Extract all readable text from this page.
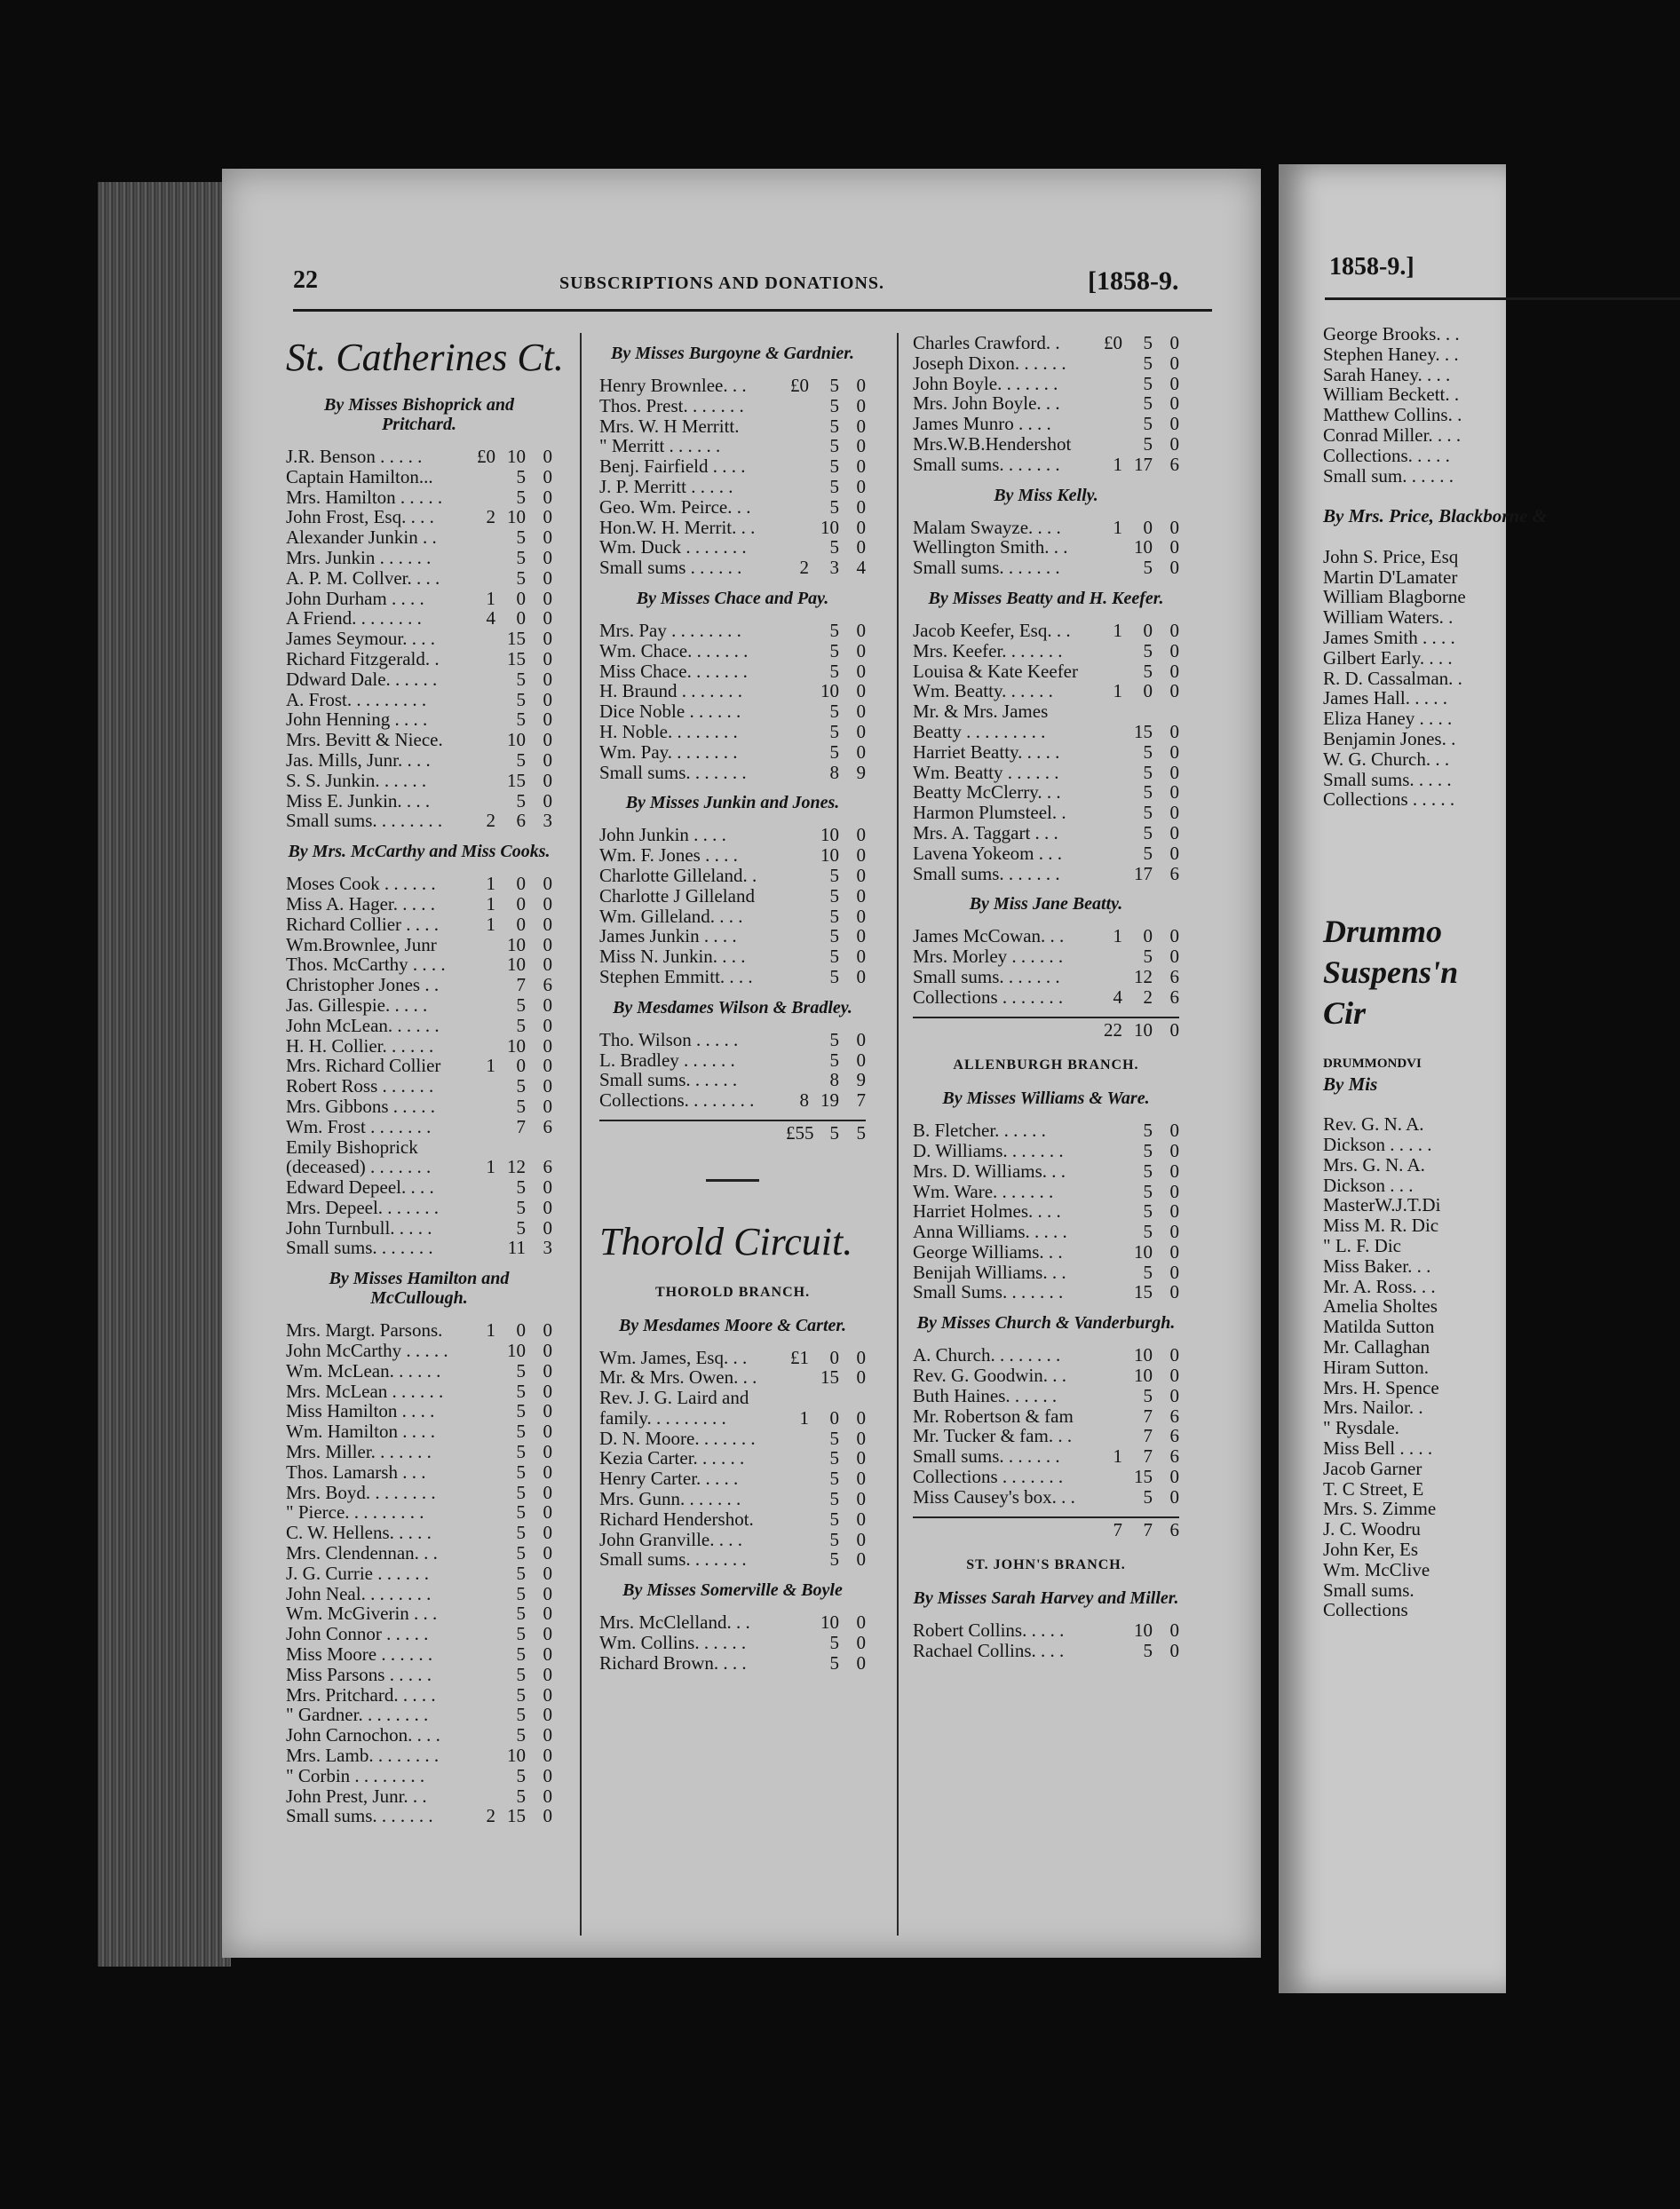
22	SUBSCRIPTIONS AND DONATIONS.	[1858-9.
St. Catherines Ct.
By Misses Bishoprick and Pritchard.
J.R. Benson . . . . .	£0 10 0
Captain Hamilton...	5 0
Mrs. Hamilton . . . . .	5 0
John Frost, Esq. . . .	2 10 0
Alexander Junkin . .	5 0
Mrs. Junkin . . . . . .	5 0
A. P. M. Collver. . . .	5 0
John Durham . . . .	1	0 0
A Friend. . . . . . . .	4	0 0
James Seymour. . . .	15 0
Richard Fitzgerald. .	15 0
Ddward Dale. . . . . .	5 0
A. Frost. . . . . . . . .	5 0
John Henning . . . .	5 0
Mrs. Bevitt & Niece.	10 0
Jas. Mills, Junr. . . .	5 0
S. S. Junkin. . . . . .	15 0
Miss E. Junkin. . . .	5 0
Small sums. . . . . . . .	2	6 3
By Mrs. McCarthy and Miss Cooks.
Moses Cook . . . . . .	1	0 0
Miss A. Hager. . . . .	1	0 0
Richard Collier . . . .	1	0 0
Wm.Brownlee, Junr	10 0
Thos. McCarthy . . . .	10 0
Christopher Jones . .	7 6
Jas. Gillespie. . . . .	5 0
John McLean. . . . . .	5 0
H. H. Collier. . . . . .	10 0
Mrs. Richard Collier	1	0 0
Robert Ross . . . . . .	5 0
Mrs. Gibbons . . . . .	5 0
Wm. Frost . . . . . . .	7 6
Emily Bishoprick
(deceased) . . . . . . .	1 12 6
Edward Depeel. . . .	5 0
Mrs. Depeel. . . . . . .	5 0
John Turnbull. . . . .	5 0
Small sums. . . . . . .	11 3
By Misses Hamilton and McCullough.
Mrs. Margt. Parsons.	1	0 0
John McCarthy . . . . .	10 0
Wm. McLean. . . . . .	5 0
Mrs. McLean . . . . . .	5 0
Miss Hamilton . . . .	5 0
Wm. Hamilton . . . .	5 0
Mrs. Miller. . . . . . .	5 0
Thos. Lamarsh . . .	5 0
Mrs. Boyd. . . . . . . .	5 0
" Pierce. . . . . . . . .	5 0
C. W. Hellens. . . . .	5 0
Mrs. Clendennan. . .	5 0
J. G. Currie . . . . . .	5 0
John Neal. . . . . . . .	5 0
Wm. McGiverin . . .	5 0
John Connor . . . . .	5 0
Miss Moore . . . . . .	5 0
Miss Parsons . . . . .	5 0
Mrs. Pritchard. . . . .	5 0
" Gardner. . . . . . . .	5 0
John Carnochon. . . .	5 0
Mrs. Lamb. . . . . . . .	10 0
" Corbin . . . . . . . .	5 0
John Prest, Junr. . .	5 0
Small sums. . . . . . .	2 15 0
By Misses Burgoyne & Gardnier.
Henry Brownlee. . .	£0	5 0
Thos. Prest. . . . . . .	5 0
Mrs. W. H Merritt.	5 0
" Merritt . . . . . .	5 0
Benj. Fairfield . . . .	5 0
J. P. Merritt . . . . .	5 0
Geo. Wm. Peirce. . .	5 0
Hon.W. H. Merrit. . .	10 0
Wm. Duck . . . . . . .	5 0
Small sums . . . . . .	2	3 4
By Misses Chace and Pay.
Mrs. Pay . . . . . . . .	5 0
Wm. Chace. . . . . . .	5 0
Miss Chace. . . . . . .	5 0
H. Braund . . . . . . .	10 0
Dice Noble . . . . . .	5 0
H. Noble. . . . . . . .	5 0
Wm. Pay. . . . . . . .	5 0
Small sums. . . . . . .	8 9
By Misses Junkin and Jones.
John Junkin . . . .	10 0
Wm. F. Jones . . . .	10 0
Charlotte Gilleland. .	5 0
Charlotte J Gilleland	5 0
Wm. Gilleland. . . .	5 0
James Junkin . . . .	5 0
Miss N. Junkin. . . .	5 0
Stephen Emmitt. . . .	5 0
By Mesdames Wilson & Bradley.
Tho. Wilson . . . . .	5 0
L. Bradley . . . . . .	5 0
Small sums. . . . . .	8 9
Collections. . . . . . . .	8 19 7
£55 5 5
Thorold Circuit.
THOROLD BRANCH.
By Mesdames Moore & Carter.
Wm. James, Esq. . .	£1	0 0
Mr. & Mrs. Owen. . .	15 0
Rev. J. G. Laird and
family. . . . . . . . .	1	0 0
D. N. Moore. . . . . . .	5 0
Kezia Carter. . . . . .	5 0
Henry Carter. . . . .	5 0
Mrs. Gunn. . . . . . .	5 0
Richard Hendershot.	5 0
John Granville. . . .	5 0
Small sums. . . . . . .	5 0
By Misses Somerville & Boyle
Mrs. McClelland. . .	10 0
Wm. Collins. . . . . .	5 0
Richard Brown. . . .	5 0
Charles Crawford. .	£0	5 0
Joseph Dixon. . . . . .	5 0
John Boyle. . . . . . .	5 0
Mrs. John Boyle. . .	5 0
James Munro . . . .	5 0
Mrs.W.B.Hendershot	5 0
Small sums. . . . . . .	1 17 6
By Miss Kelly.
Malam Swayze. . . .	1	0 0
Wellington Smith. . .	10 0
Small sums. . . . . . .	5 0
By Misses Beatty and H. Keefer.
Jacob Keefer, Esq. . .	1	0 0
Mrs. Keefer. . . . . . .	5 0
Louisa & Kate Keefer	5 0
Wm. Beatty. . . . . .	1	0 0
Mr. & Mrs. James
Beatty . . . . . . . . .	15 0
Harriet Beatty. . . . .	5 0
Wm. Beatty . . . . . .	5 0
Beatty McClerry. . .	5 0
Harmon Plumsteel. .	5 0
Mrs. A. Taggart . . .	5 0
Lavena Yokeom . . .	5 0
Small sums. . . . . . .	17 6
By Miss Jane Beatty.
James McCowan. . .	1	0 0
Mrs. Morley . . . . . .	5 0
Small sums. . . . . . .	12 6
Collections . . . . . . .	4	2 6
22 10 0
ALLENBURGH BRANCH.
By Misses Williams & Ware.
B. Fletcher. . . . . .	5 0
D. Williams. . . . . . .	5 0
Mrs. D. Williams. . .	5 0
Wm. Ware. . . . . . .	5 0
Harriet Holmes. . . .	5 0
Anna Williams. . . . .	5 0
George Williams. . .	10 0
Benijah Williams. . .	5 0
Small Sums. . . . . . .	15 0
By Misses Church & Vanderburgh.
A. Church. . . . . . . .	10 0
Rev. G. Goodwin. . .	10 0
Buth Haines. . . . . .	5 0
Mr. Robertson & fam	7 6
Mr. Tucker & fam. . .	7 6
Small sums. . . . . . .	1	7 6
Collections . . . . . . .	15 0
Miss Causey's box. . .	5 0
7	7 6
ST. JOHN'S BRANCH.
By Misses Sarah Harvey and Miller.
Robert Collins. . . . .	10 0
Rachael Collins. . . .	5 0
1858-9.]
George Brooks. . .
Stephen Haney. . .
Sarah Haney. . . .
William Beckett. .
Matthew Collins. .
Conrad Miller. . . .
Collections. . . . .
Small sum. . . . . .
By Mrs. Price, Blackborne &
John S. Price, Esq
Martin D'Lamater
William Blagborne
William Waters. .
James Smith . . . .
Gilbert Early. . . .
R. D. Cassalman. .
James Hall. . . . .
Eliza Haney . . . .
Benjamin Jones. .
W. G. Church. . .
Small sums. . . . .
Collections . . . . .
Drummo
Suspens'n
Cir
DRUMMONDVI
By Mis
Rev. G. N. A.
Dickson . . . . .
Mrs. G. N. A.
Dickson . . .
MasterW.J.T.Di
Miss M. R. Dic
" L. F. Dic
Miss Baker. . .
Mr. A. Ross. . .
Amelia Sholtes
Matilda Sutton
Mr. Callaghan
Hiram Sutton.
Mrs. H. Spence
Mrs. Nailor. .
" Rysdale.
Miss Bell . . . .
Jacob Garner
T. C Street, E
Mrs. S. Zimme
J. C. Woodru
John Ker, Es
Wm. McClive
Small sums.
Collections
